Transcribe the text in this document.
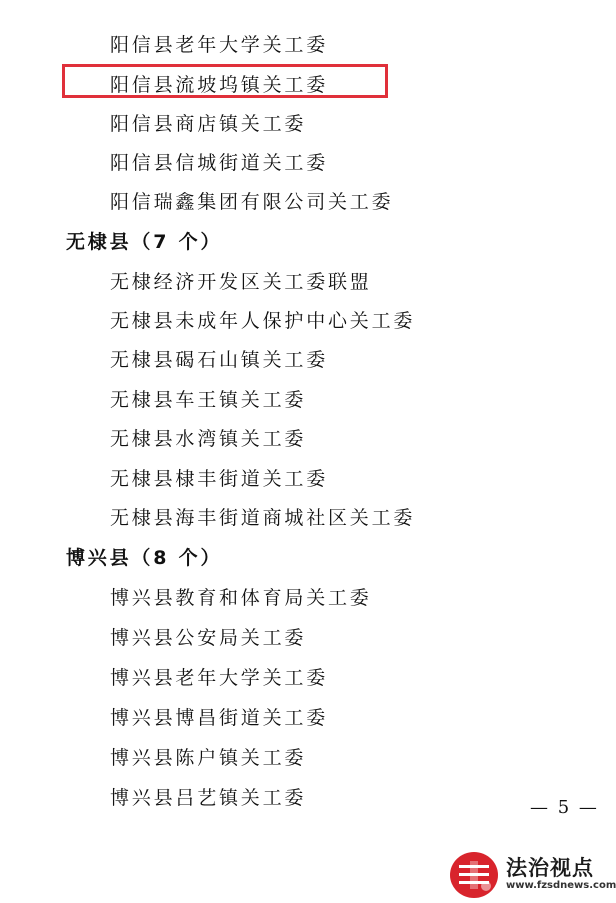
阳信县老年大学关工委
阳信县流坡坞镇关工委
阳信县商店镇关工委
阳信县信城街道关工委
阳信瑞鑫集团有限公司关工委
无棣县（7 个）
无棣经济开发区关工委联盟
无棣县未成年人保护中心关工委
无棣县碣石山镇关工委
无棣县车王镇关工委
无棣县水湾镇关工委
无棣县棣丰街道关工委
无棣县海丰街道商城社区关工委
博兴县（8 个）
博兴县教育和体育局关工委
博兴县公安局关工委
博兴县老年大学关工委
博兴县博昌街道关工委
博兴县陈户镇关工委
博兴县吕艺镇关工委	— 5 —
法治视点
www.fzsdnews.com
